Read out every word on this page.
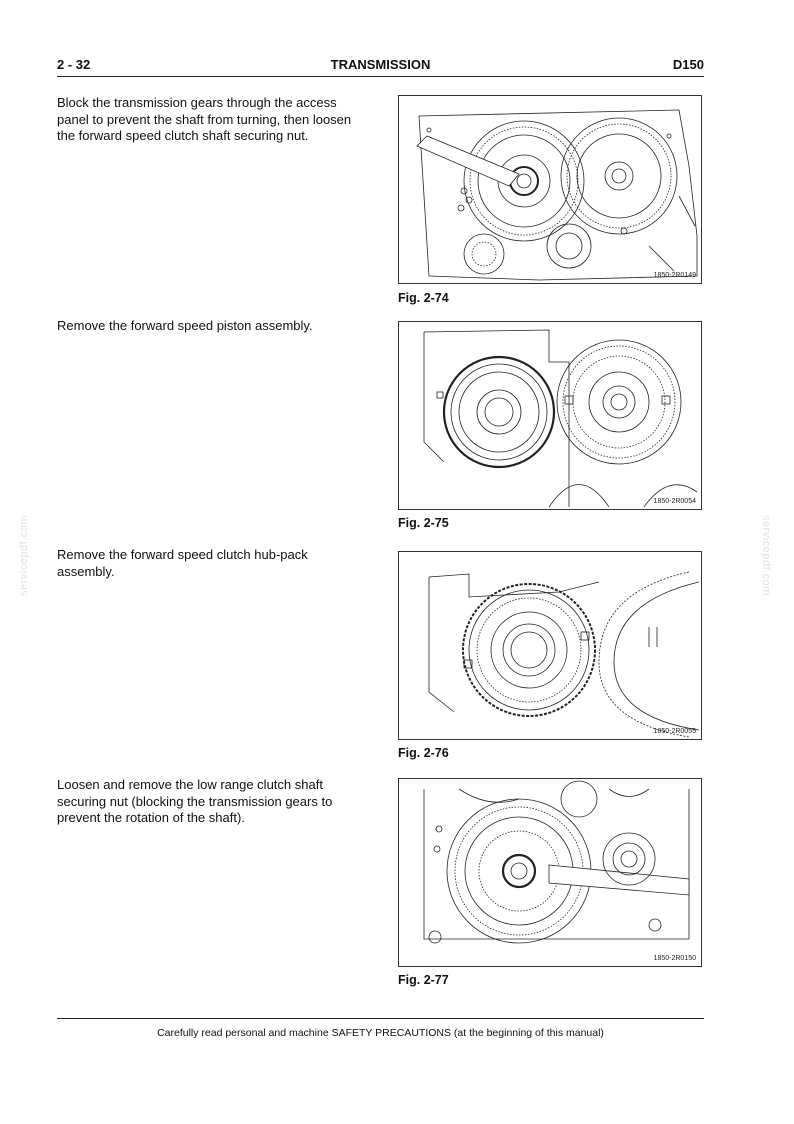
2 - 32	TRANSMISSION	D150
servicepdf.com	servicepdf.com
Block the transmission gears through the access panel to prevent the shaft from turning, then loosen the forward speed clutch shaft securing nut.
1850-2R0149
Fig. 2-74
Remove the forward speed piston assembly.
1850-2R0054
Fig. 2-75
Remove the forward speed clutch hub-pack assembly.
1850-2R0055
Fig. 2-76
Loosen and remove the low range clutch shaft securing nut (blocking the transmission gears to prevent the rotation of the shaft).
1850-2R0150
Fig. 2-77
Carefully read personal and machine SAFETY PRECAUTIONS (at the beginning of this manual)
